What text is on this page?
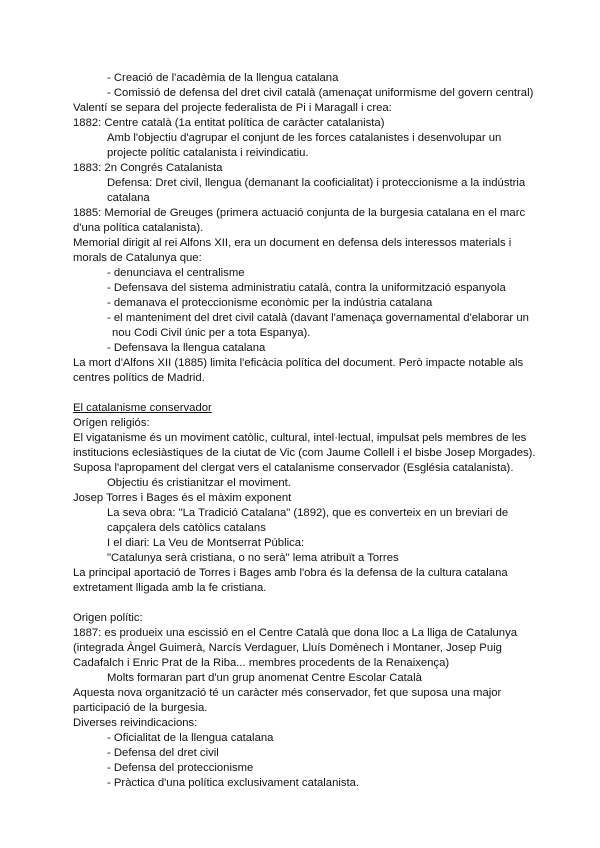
- Creació de l'acadèmia de la llengua catalana
- Comissió de defensa del dret civil català (amenaçat uniformisme del govern central)
Valentí se separa del projecte federalista de Pi i Maragall i crea:
1882: Centre català (1a entitat política de caràcter catalanista)
Amb l'objectiu d'agrupar el conjunt de les forces catalanistes i desenvolupar un
projecte polític catalanista i reivindicatiu.
1883: 2n Congrés Catalanista
Defensa: Dret civil, llengua (demanant la cooficialitat) i proteccionisme a la indústria
catalana
1885: Memorial de Greuges (primera actuació conjunta de la burgesia catalana en el marc
d'una política catalanista).
Memorial dirigit al rei Alfons XII, era un document en defensa dels interessos materials i
morals de Catalunya que:
- denunciava el centralisme
- Defensava del sistema administratiu català, contra la uniformització espanyola
- demanava el proteccionisme econòmic per la indústria catalana
- el manteniment del dret civil català (davant l'amenaça governamental d'elaborar un
nou Codi Civil únic per a tota Espanya).
- Defensava la llengua catalana
La mort d'Alfons XII (1885) limita l'eficàcia política del document. Però impacte notable als
centres polítics de Madrid.
El catalanisme conservador
Orígen religiós:
El vigatanisme és un moviment catòlic, cultural, intel·lectual, impulsat pels membres de les
institucions eclesiàstiques de la ciutat de Vic (com Jaume Collell i el bisbe Josep Morgades).
Suposa l'apropament del clergat vers el catalanisme conservador (Església catalanista).
Objectiu és cristianitzar el moviment.
Josep Torres i Bages és el màxim exponent
La seva obra: "La Tradició Catalana" (1892), que es converteix en un breviari de
capçalera dels catòlics catalans
I el diari: La Veu de Montserrat Pública:
"Catalunya serà cristiana, o no serà" lema atribuït a Torres
La principal aportació de Torres i Bages amb l'obra és la defensa de la cultura catalana
extretament lligada amb la fe cristiana.
Origen polític:
1887: es produeix una escissió en el Centre Català que dona lloc a La lliga de Catalunya
(integrada Àngel Guimerà, Narcís Verdaguer, Lluís Domènech i Montaner, Josep Puig
Cadafalch i Enric Prat de la Riba... membres procedents de la Renaixença)
Molts formaran part d'un grup anomenat Centre Escolar Català
Aquesta nova organització té un caràcter més conservador, fet que suposa una major
participació de la burgesia.
Diverses reivindicacions:
- Oficialitat de la llengua catalana
- Defensa del dret civil
- Defensa del proteccionisme
- Pràctica d'una política exclusivament catalanista.
